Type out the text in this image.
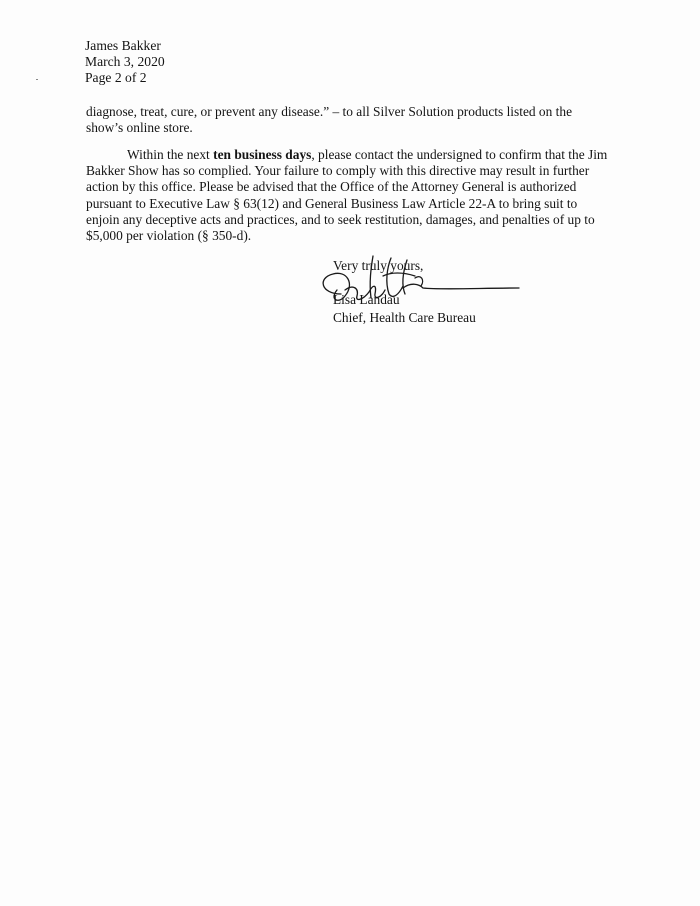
James Bakker
March 3, 2020
Page 2 of 2
diagnose, treat, cure, or prevent any disease.” – to all Silver Solution products listed on the
show’s online store.
Within the next ten business days, please contact the undersigned to confirm that the Jim
Bakker Show has so complied. Your failure to comply with this directive may result in further
action by this office. Please be advised that the Office of the Attorney General is authorized
pursuant to Executive Law § 63(12) and General Business Law Article 22-A to bring suit to
enjoin any deceptive acts and practices, and to seek restitution, damages, and penalties of up to
$5,000 per violation (§ 350-d).
Very truly yours,
Lisa Landau
Chief, Health Care Bureau
